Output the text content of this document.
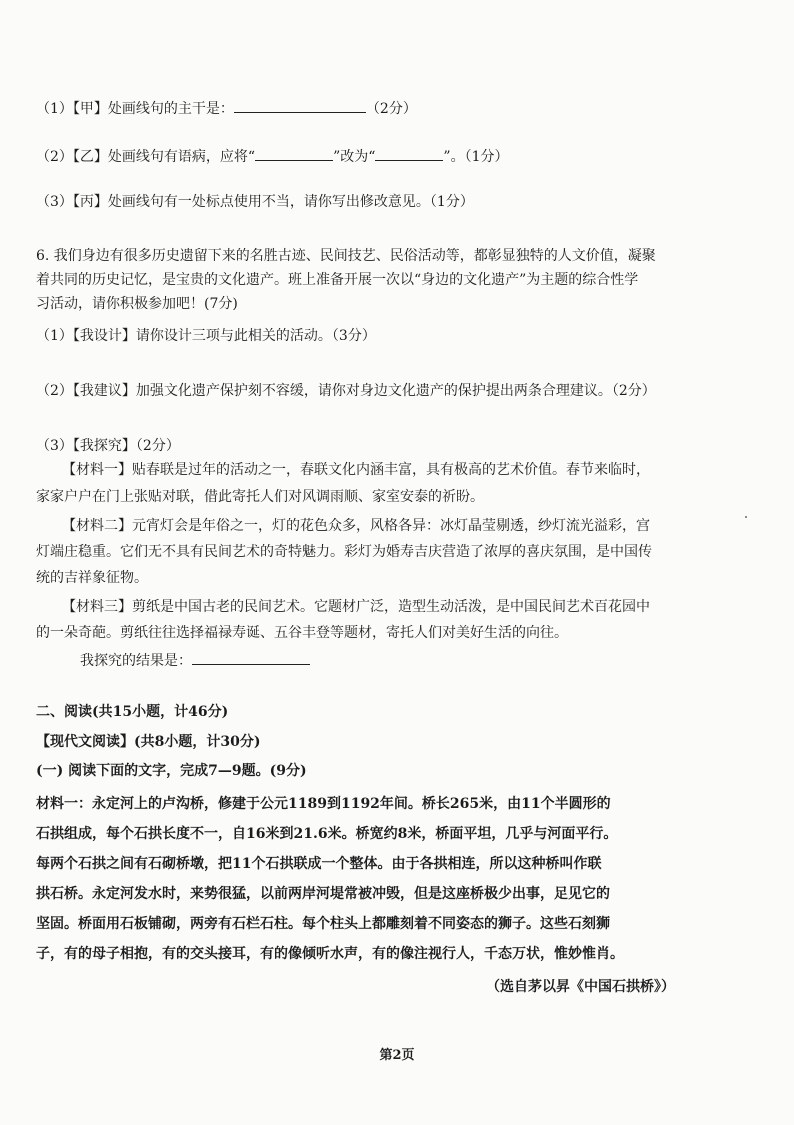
（1）【甲】处画线句的主干是：	（2分）
（2）【乙】处画线句有语病，应将“	”改为“	”。（1分）
（3）【丙】处画线句有一处标点使用不当，请你写出修改意见。（1分）
6. 我们身边有很多历史遗留下来的名胜古迹、民间技艺、民俗活动等，都彰显独特的人文价值，凝聚
着共同的历史记忆，是宝贵的文化遗产。班上准备开展一次以“身边的文化遗产”为主题的综合性学
习活动，请你积极参加吧！(7分)
（1）【我设计】请你设计三项与此相关的活动。（3分）
（2）【我建议】加强文化遗产保护刻不容缓，请你对身边文化遗产的保护提出两条合理建议。（2分）
（3）【我探究】（2分）
【材料一】贴春联是过年的活动之一，春联文化内涵丰富，具有极高的艺术价值。春节来临时，
家家户户在门上张贴对联，借此寄托人们对风调雨顺、家室安泰的祈盼。
【材料二】元宵灯会是年俗之一，灯的花色众多，风格各异：冰灯晶莹剔透，纱灯流光溢彩，宫
灯端庄稳重。它们无不具有民间艺术的奇特魅力。彩灯为婚寿吉庆营造了浓厚的喜庆氛围，是中国传
统的吉祥象征物。
【材料三】剪纸是中国古老的民间艺术。它题材广泛，造型生动活泼，是中国民间艺术百花园中
的一朵奇葩。剪纸往往选择福禄寿诞、五谷丰登等题材，寄托人们对美好生活的向往。
我探究的结果是：
二、阅读(共15小题，计46分)
【现代文阅读】(共8小题，计30分)
(一) 阅读下面的文字，完成7—9题。(9分)
材料一：永定河上的卢沟桥，修建于公元1189到1192年间。桥长265米，由11个半圆形的
石拱组成，每个石拱长度不一，自16米到21.6米。桥宽约8米，桥面平坦，几乎与河面平行。
每两个石拱之间有石砌桥墩，把11个石拱联成一个整体。由于各拱相连，所以这种桥叫作联
拱石桥。永定河发水时，来势很猛，以前两岸河堤常被冲毁，但是这座桥极少出事，足见它的
坚固。桥面用石板铺砌，两旁有石栏石柱。每个柱头上都雕刻着不同姿态的狮子。这些石刻狮
子，有的母子相抱，有的交头接耳，有的像倾听水声，有的像注视行人，千态万状，惟妙惟肖。
（选自茅以昇《中国石拱桥》）
第2页
